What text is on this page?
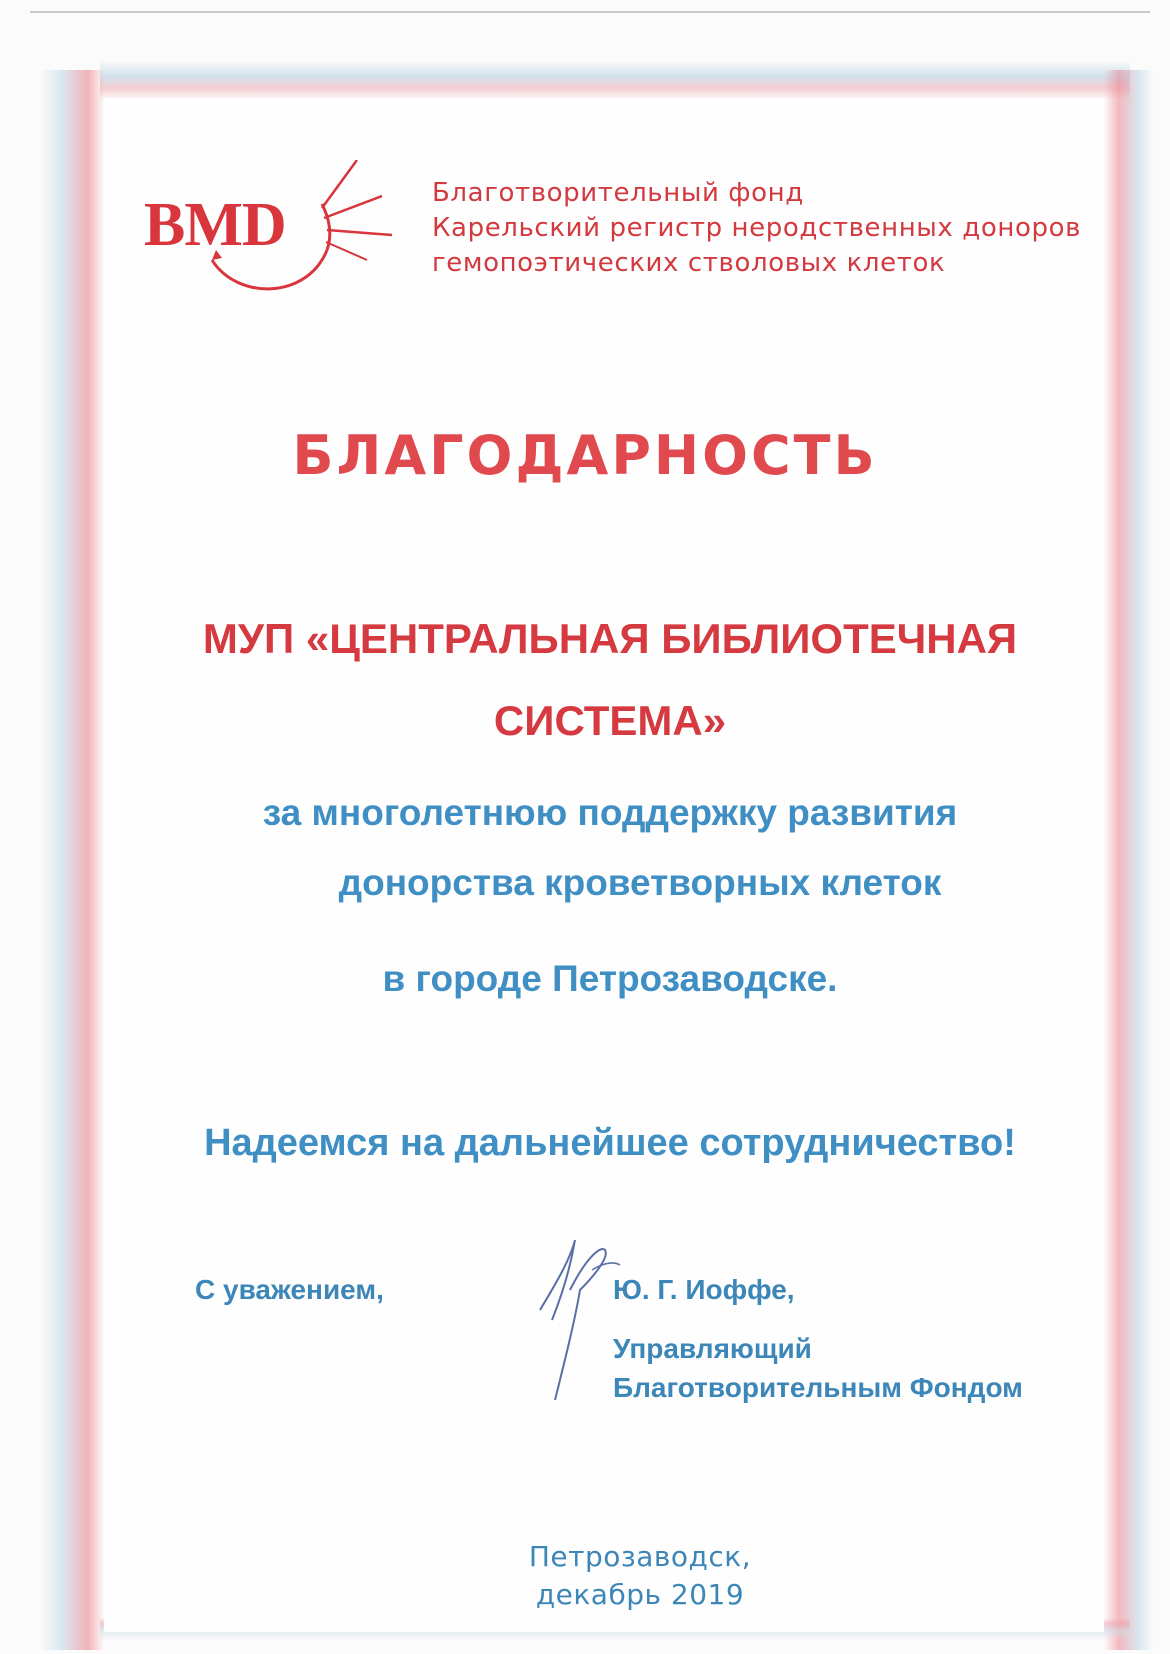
BMD	Благотворительный фонд
Карельский регистр неродственных доноров
гемопоэтических стволовых клеток
БЛАГОДАРНОСТЬ
МУП «ЦЕНТРАЛЬНАЯ БИБЛИОТЕЧНАЯ
СИСТЕМА»
за многолетнюю поддержку развития
донорства кроветворных клеток
в городе Петрозаводске.
Надеемся на дальнейшее сотрудничество!
С уважением,	Ю. Г. Иоффе,
Управляющий
Благотворительным Фондом
Петрозаводск,
декабрь 2019
